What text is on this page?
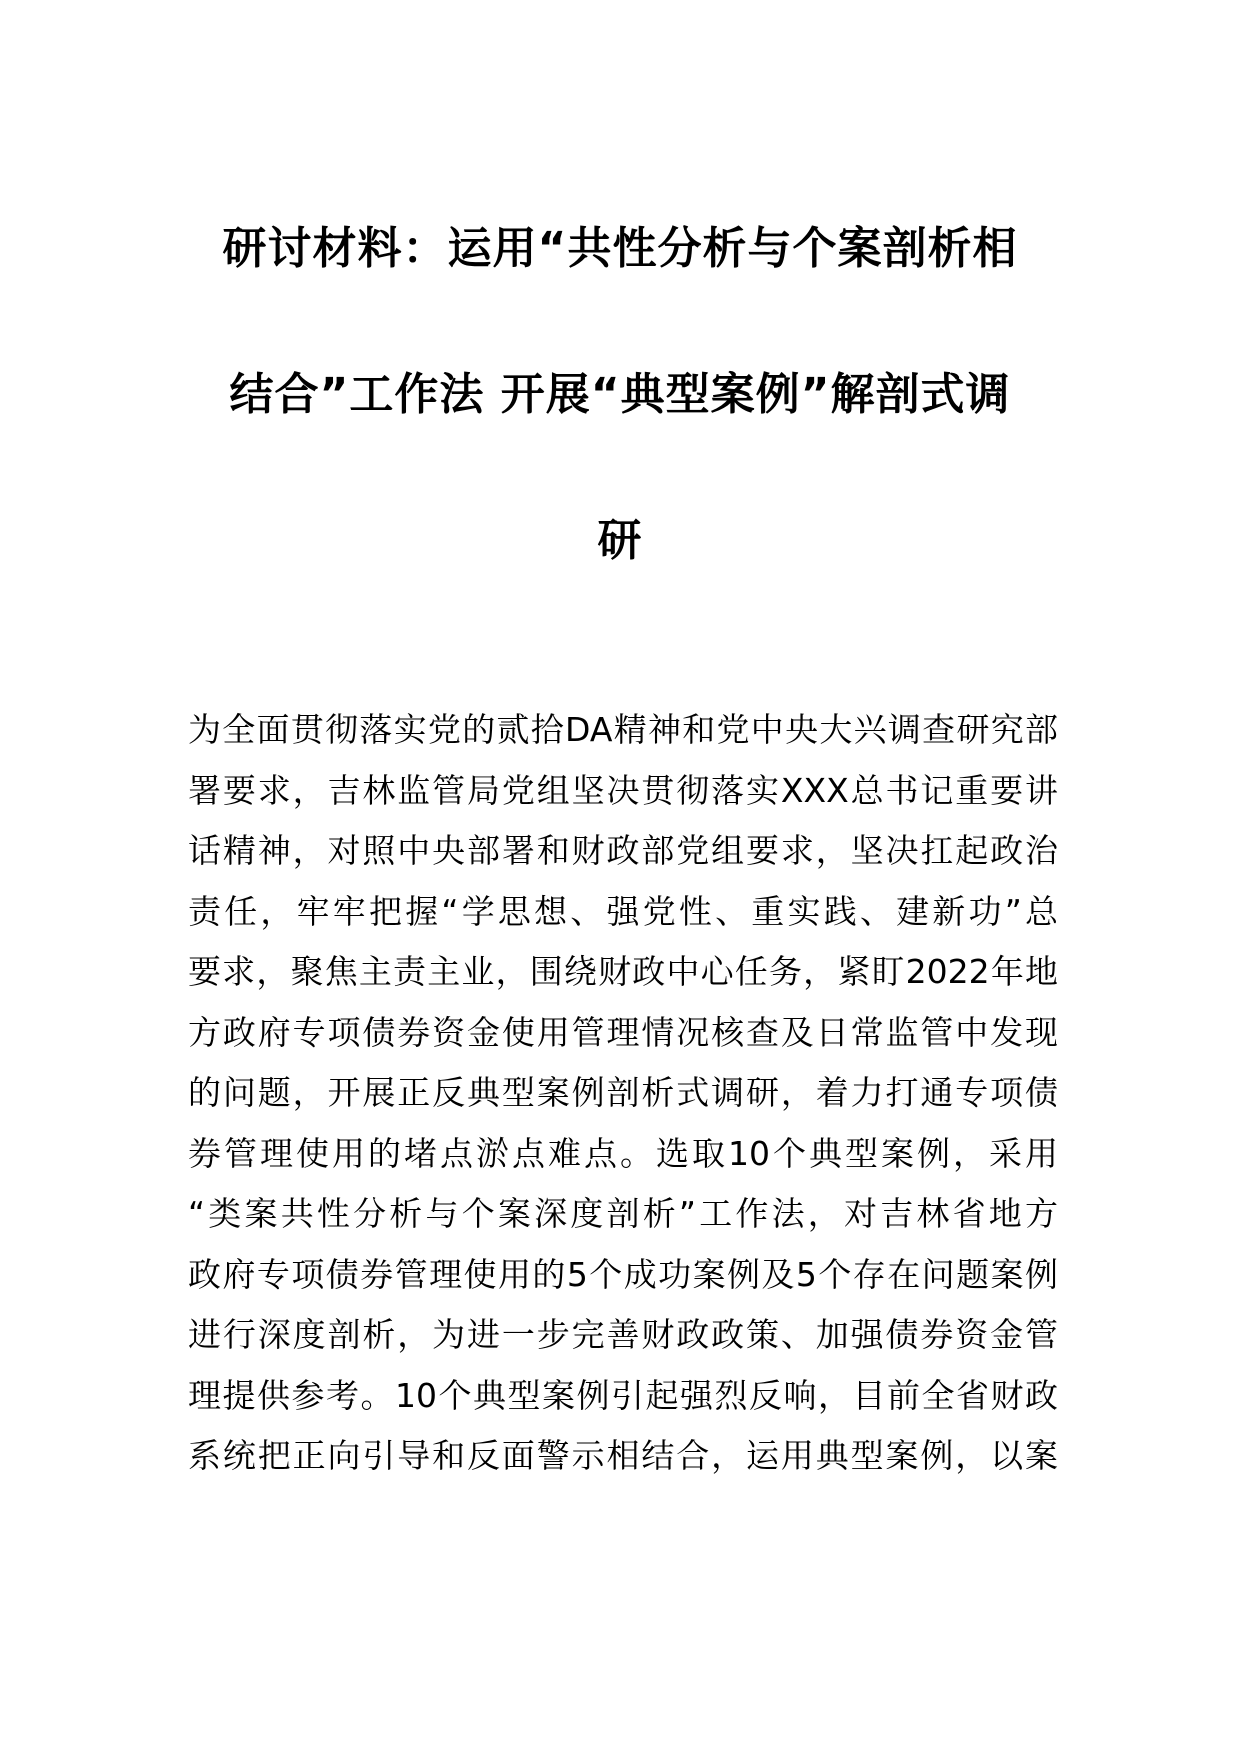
研讨材料：运用“共性分析与个案剖析相
结合”工作法 开展“典型案例”解剖式调
研
为全面贯彻落实党的贰拾DA精神和党中央大兴调查研究部
署要求，吉林监管局党组坚决贯彻落实XXX总书记重要讲
话精神，对照中央部署和财政部党组要求，坚决扛起政治
责任，牢牢把握“学思想、强党性、重实践、建新功”总
要求，聚焦主责主业，围绕财政中心任务，紧盯2022年地
方政府专项债券资金使用管理情况核查及日常监管中发现
的问题，开展正反典型案例剖析式调研，着力打通专项债
券管理使用的堵点淤点难点。选取10个典型案例，采用
“类案共性分析与个案深度剖析”工作法，对吉林省地方
政府专项债券管理使用的5个成功案例及5个存在问题案例
进行深度剖析，为进一步完善财政政策、加强债券资金管
理提供参考。10个典型案例引起强烈反响，目前全省财政
系统把正向引导和反面警示相结合，运用典型案例，以案
